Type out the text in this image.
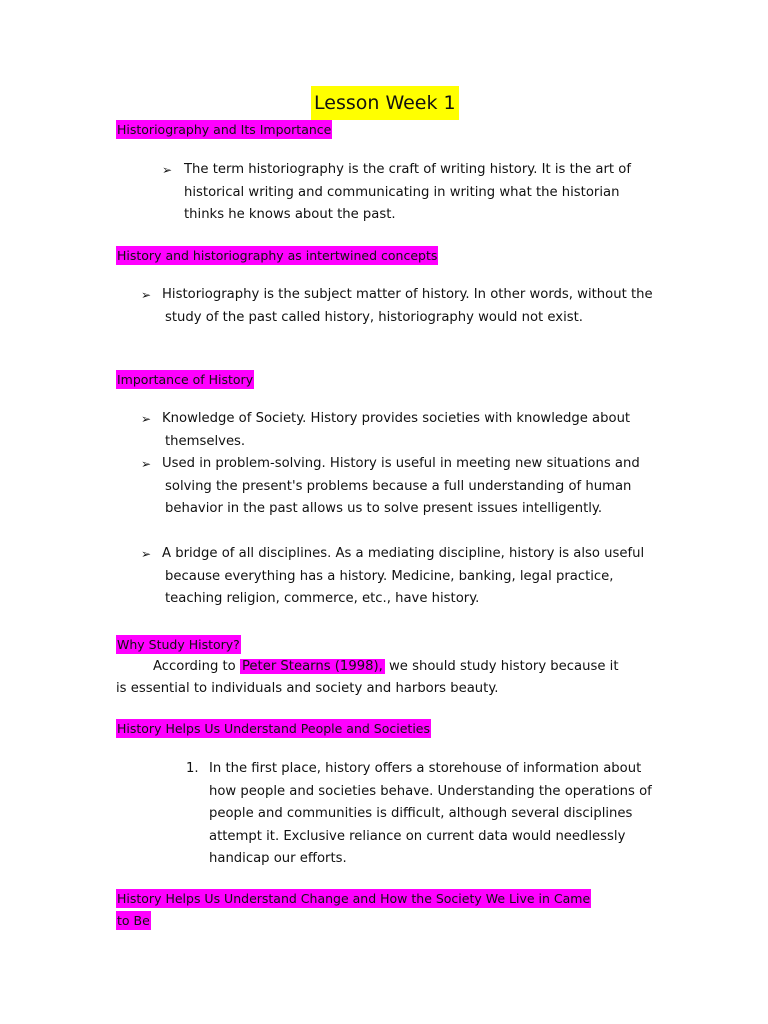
Lesson Week 1
Historiography and Its Importance
➢ The term historiography is the craft of writing history. It is the art of historical writing and communicating in writing what the historian thinks he knows about the past.

History and historiography as intertwined concepts
➢ Historiography is the subject matter of history. In other words, without the study of the past called history, historiography would not exist.

Importance of History
➢ Knowledge of Society. History provides societies with knowledge about themselves.

➢ Used in problem-solving. History is useful in meeting new situations and solving the present's problems because a full understanding of human behavior in the past allows us to solve present issues intelligently.

➢ A bridge of all disciplines. As a mediating discipline, history is also useful because everything has a history. Medicine, banking, legal practice, teaching religion, commerce, etc., have history.

Why Study History?
According to Peter Stearns (1998), we should study history because it
is essential to individuals and society and harbors beauty.
History Helps Us Understand People and Societies
1. In the first place, history offers a storehouse of information about how people and societies behave. Understanding the operations of people and communities is difficult, although several disciplines attempt it. Exclusive reliance on current data would needlessly handicap our efforts.

History Helps Us Understand Change and How the Society We Live in Came
to Be
